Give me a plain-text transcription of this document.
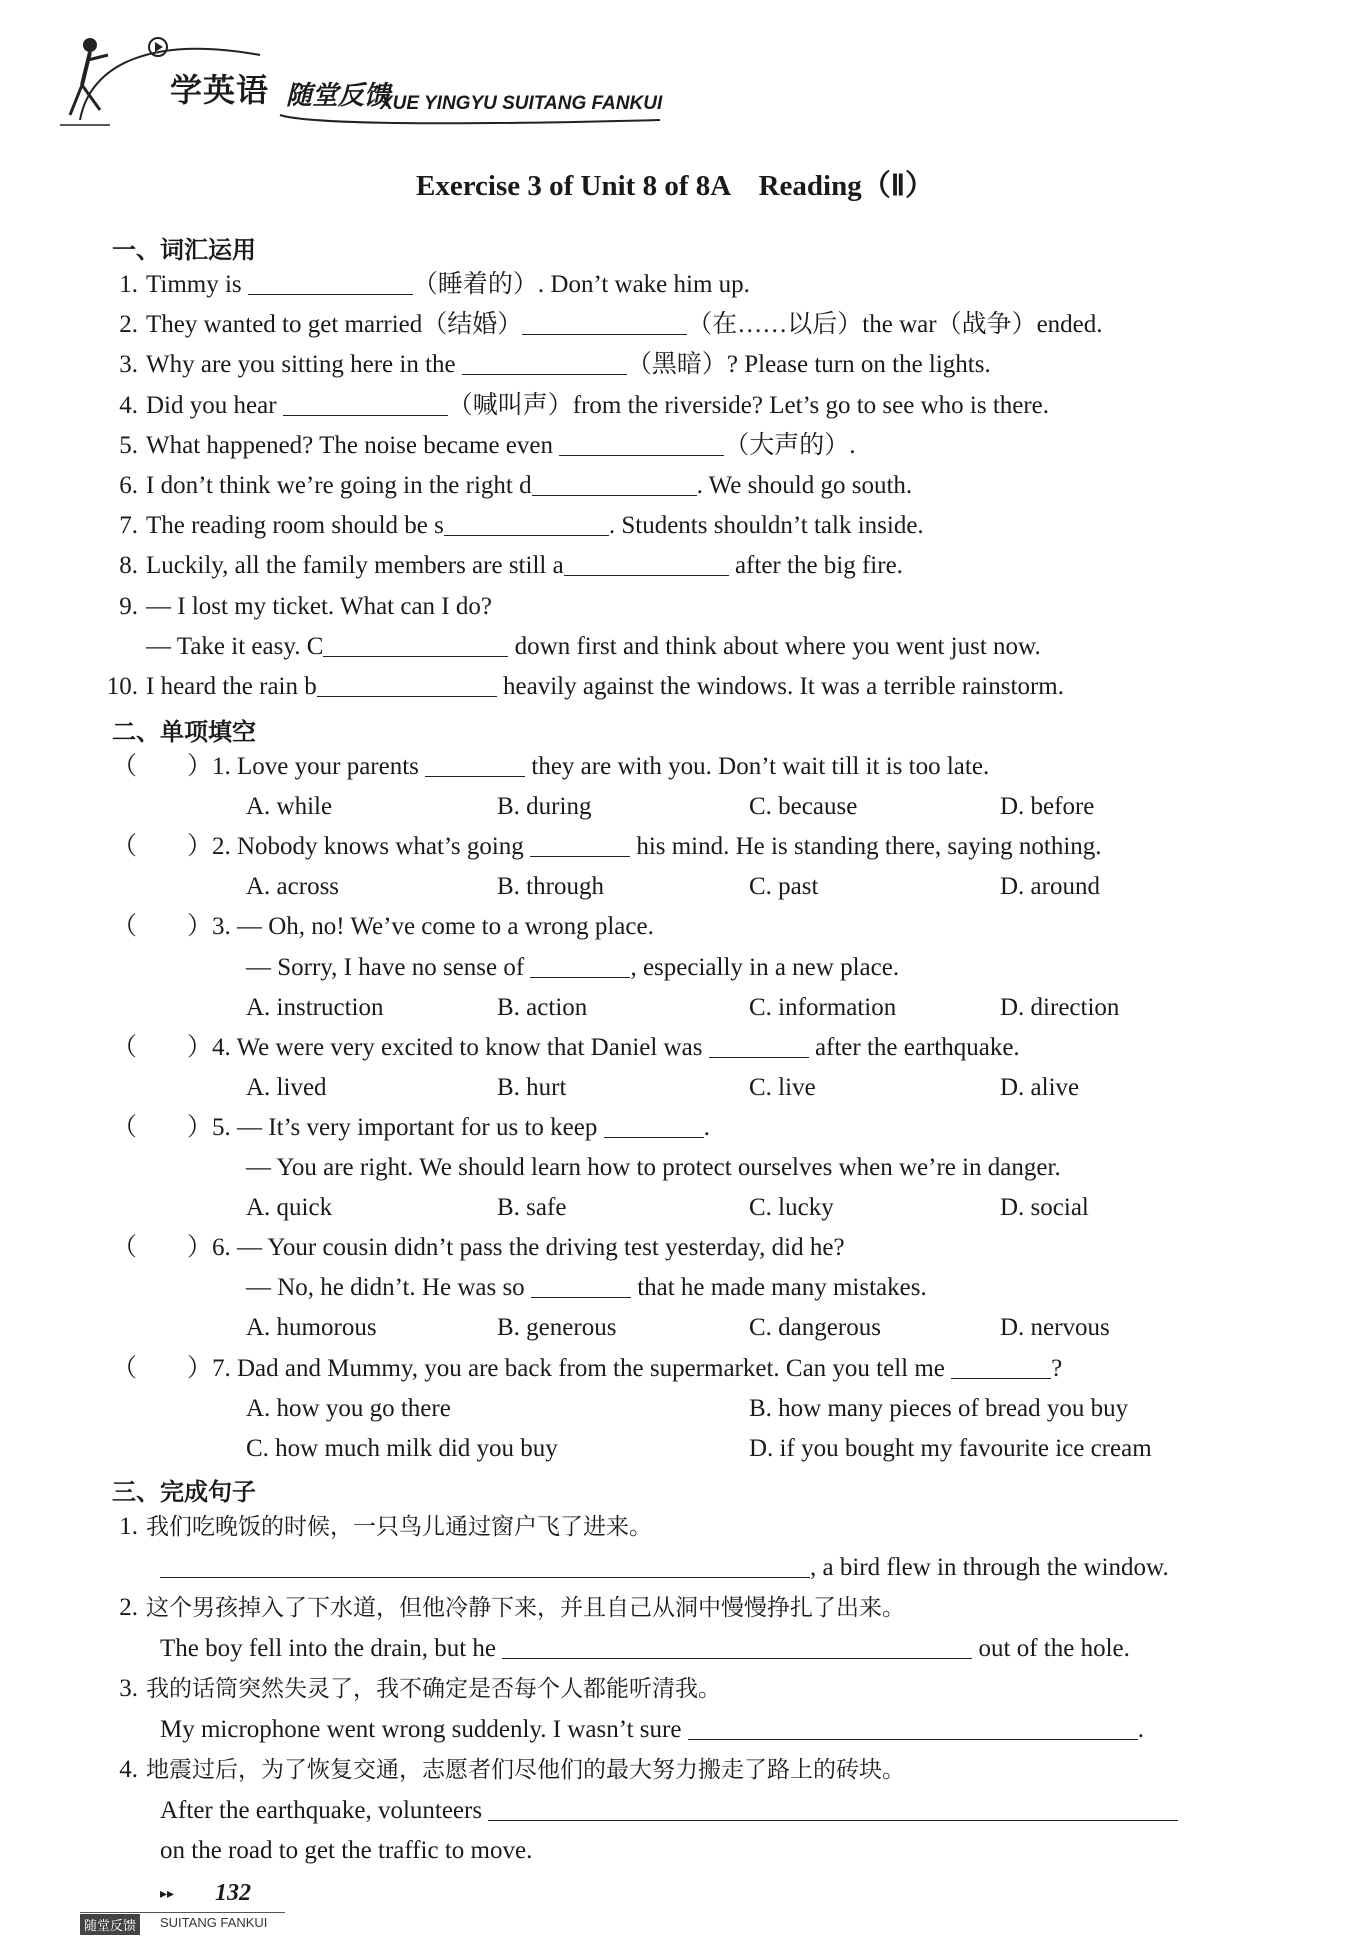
学英语 随堂反馈
XUE YINGYU SUITANG FANKUI
Exercise 3 of Unit 8 of 8A　Reading（Ⅱ）
一、词汇运用
1. Timmy is	（睡着的）. Don’t wake him up.
2. They wanted to get married（结婚）	（在……以后）the war（战争）ended.
3. Why are you sitting here in the	（黑暗）? Please turn on the lights.
4. Did you hear	（喊叫声）from the riverside? Let’s go to see who is there.
5. What happened? The noise became even	（大声的）.
6. I don’t think we’re going in the right d	. We should go south.
7. The reading room should be s	. Students shouldn’t talk inside.
8. Luckily, all the family members are still a	after the big fire.
9. — I lost my ticket. What can I do?
— Take it easy. C	down first and think about where you went just now.
10. I heard the rain b	heavily against the windows. It was a terrible rainstorm.
二、单项填空
（　　） 1. Love your parents	they are with you. Don’t wait till it is too late.
A. while	B. during	C. because	D. before
（　　） 2. Nobody knows what’s going	his mind. He is standing there, saying nothing.
A. across	B. through	C. past	D. around
（　　） 3. — Oh, no! We’ve come to a wrong place.
— Sorry, I have no sense of	, especially in a new place.
A. instruction	B. action	C. information	D. direction
（　　） 4. We were very excited to know that Daniel was	after the earthquake.
A. lived	B. hurt	C. live	D. alive
（　　） 5. — It’s very important for us to keep	.
— You are right. We should learn how to protect ourselves when we’re in danger.
A. quick	B. safe	C. lucky	D. social
（　　） 6. — Your cousin didn’t pass the driving test yesterday, did he?
— No, he didn’t. He was so	that he made many mistakes.
A. humorous	B. generous	C. dangerous	D. nervous
（　　） 7. Dad and Mummy, you are back from the supermarket. Can you tell me	?
A. how you go there	B. how many pieces of bread you buy
C. how much milk did you buy	D. if you bought my favourite ice cream
三、完成句子
1. 我们吃晚饭的时候，一只鸟儿通过窗户飞了进来。
, a bird flew in through the window.
2. 这个男孩掉入了下水道，但他冷静下来，并且自己从洞中慢慢挣扎了出来。
The boy fell into the drain, but he	out of the hole.
3. 我的话筒突然失灵了，我不确定是否每个人都能听清我。
My microphone went wrong suddenly. I wasn’t sure	.
4. 地震过后，为了恢复交通，志愿者们尽他们的最大努力搬走了路上的砖块。
After the earthquake, volunteers
on the road to get the traffic to move.
▸▸ 132
随堂反馈	SUITANG FANKUI
